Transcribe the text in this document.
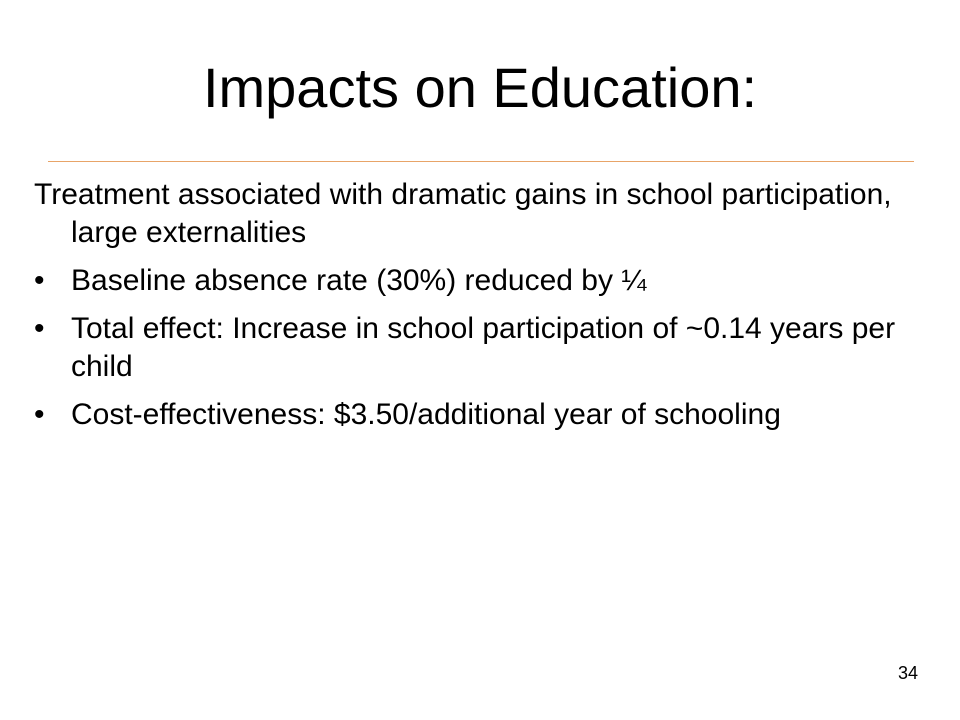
Impacts on Education:

Treatment associated with dramatic gains in school participation, large externalities

• Baseline absence rate (30%) reduced by ¼
• Total effect: Increase in school participation of ~0.14 years per child
• Cost-effectiveness: $3.50/additional year of schooling
34
